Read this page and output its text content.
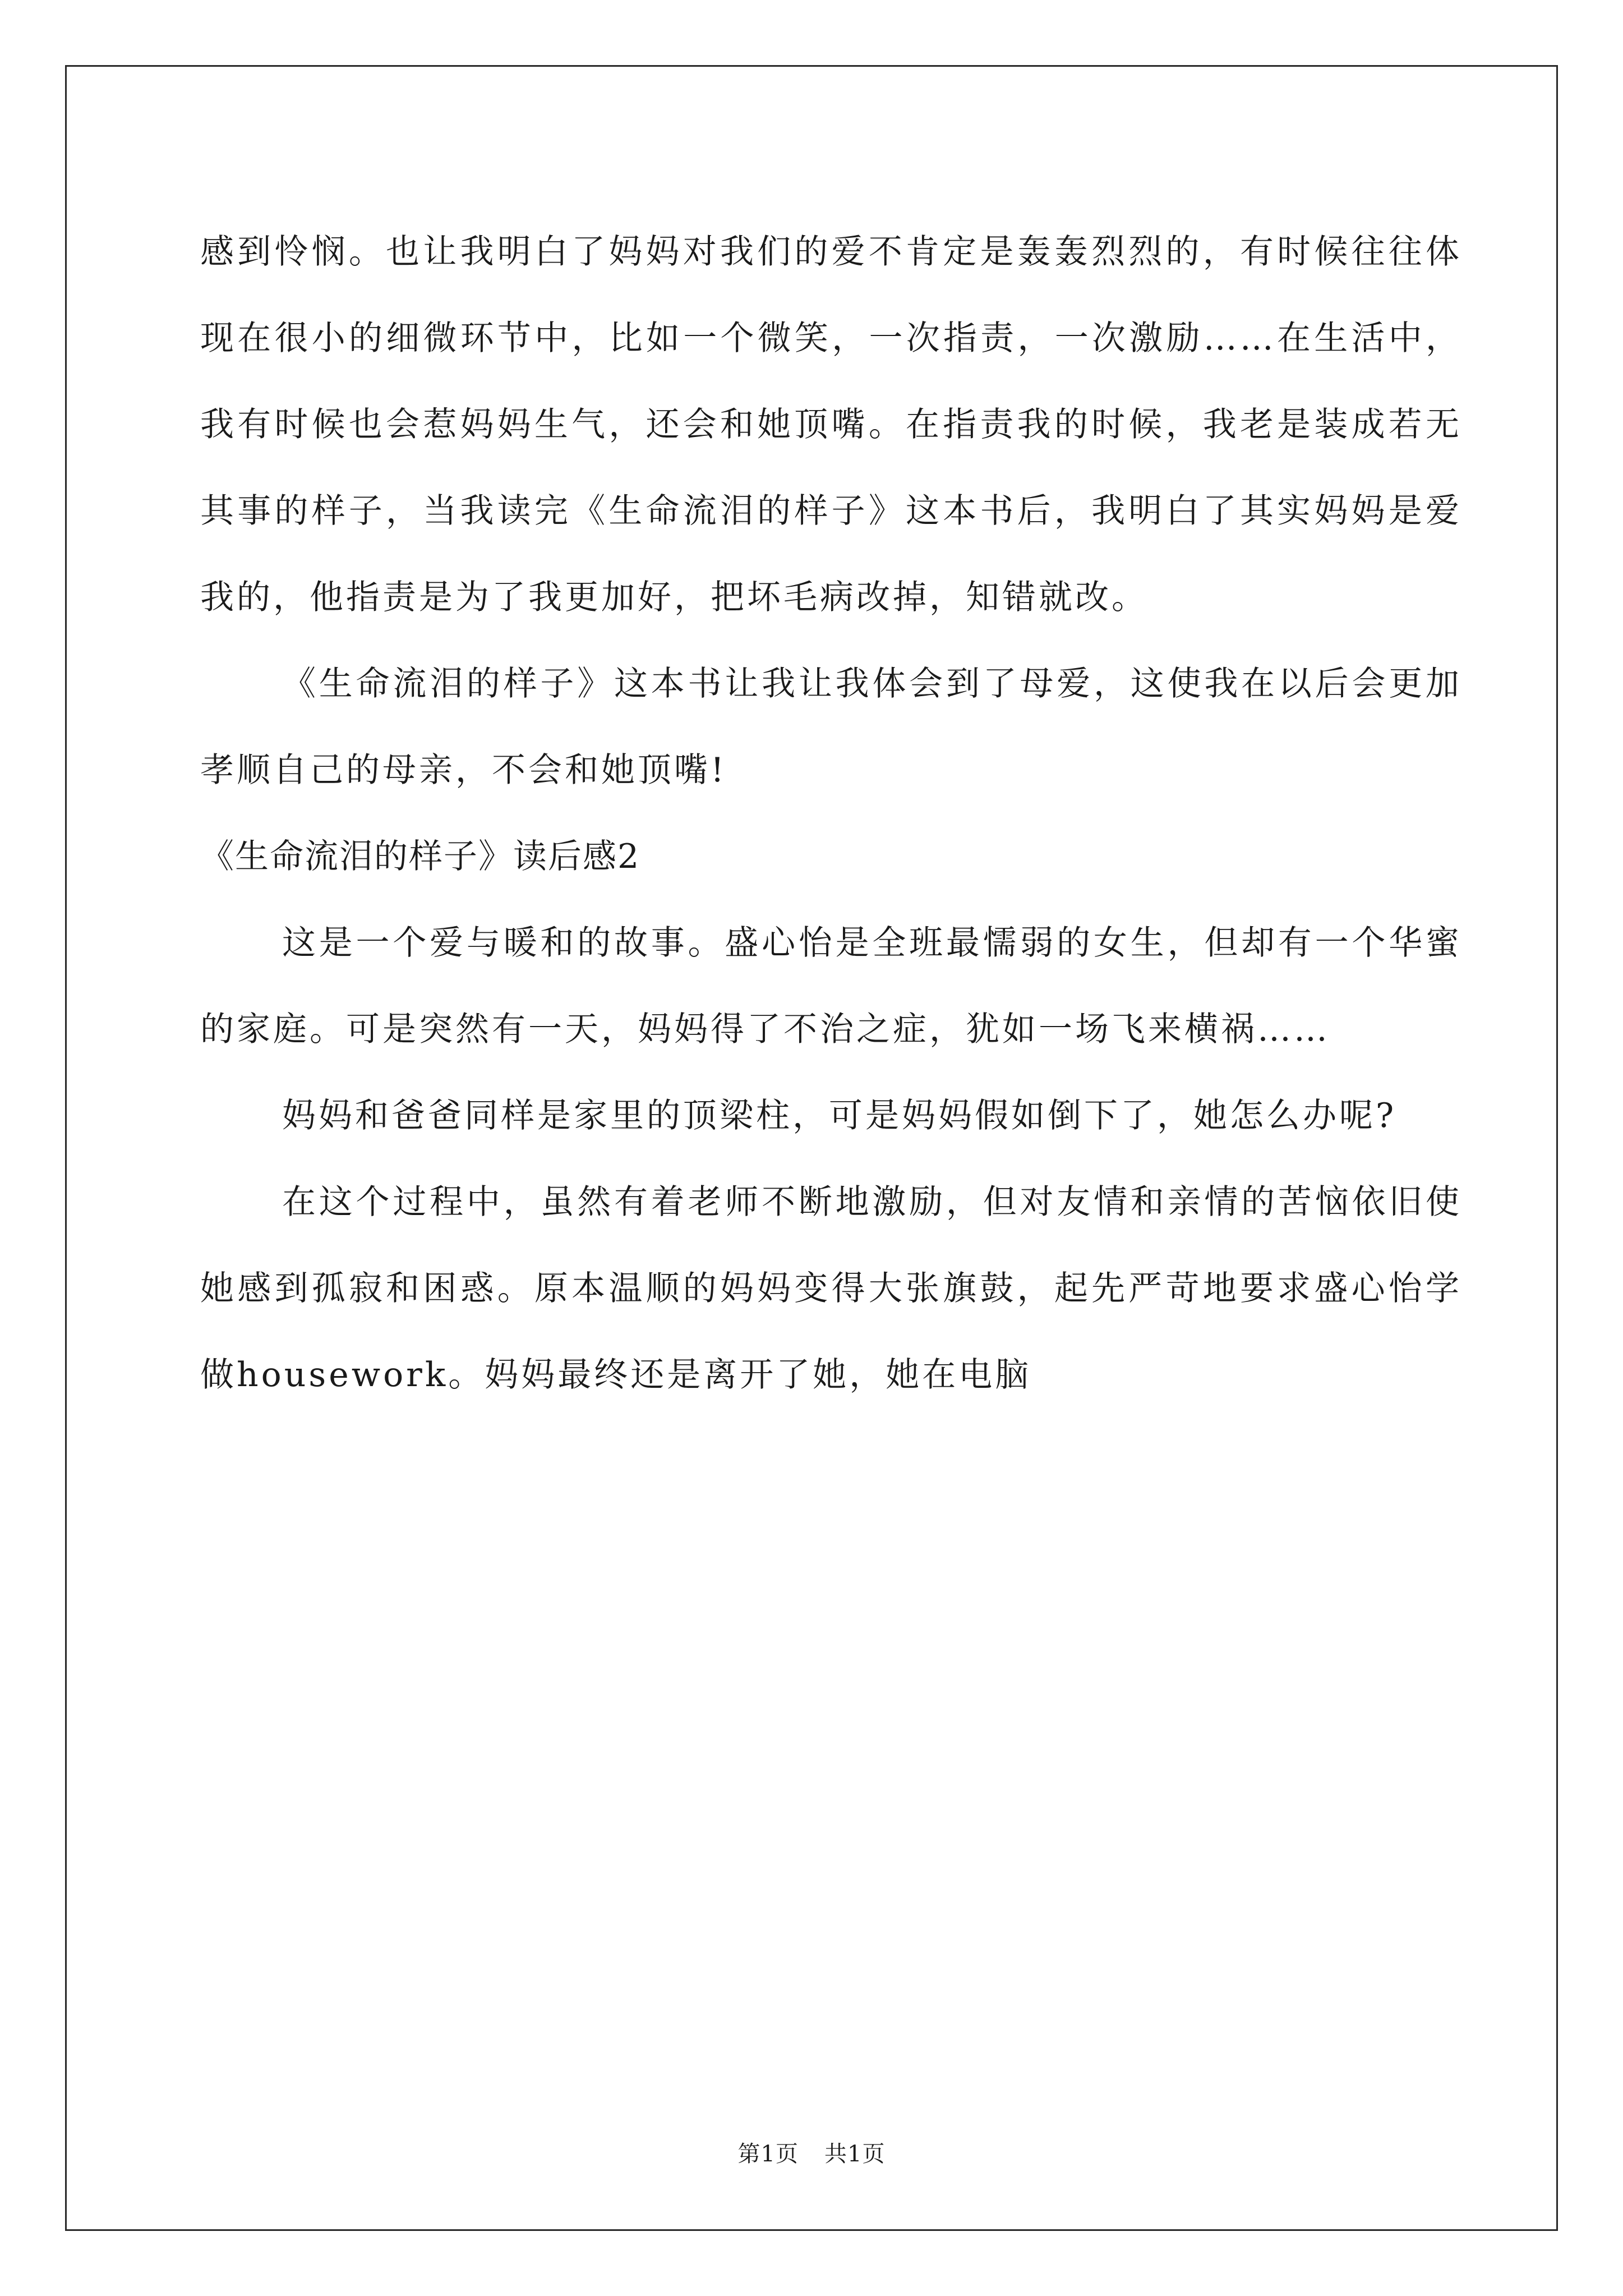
感到怜悯。也让我明白了妈妈对我们的爱不肯定是轰轰烈烈的，有时候往往体现在很小的细微环节中，比如一个微笑，一次指责，一次激励……在生活中，我有时候也会惹妈妈生气，还会和她顶嘴。在指责我的时候，我老是装成若无其事的样子，当我读完《生命流泪的样子》这本书后，我明白了其实妈妈是爱我的，他指责是为了我更加好，把坏毛病改掉，知错就改。

《生命流泪的样子》这本书让我让我体会到了母爱，这使我在以后会更加孝顺自己的母亲，不会和她顶嘴!

《生命流泪的样子》读后感2

这是一个爱与暖和的故事。盛心怡是全班最懦弱的女生，但却有一个华蜜的家庭。可是突然有一天，妈妈得了不治之症，犹如一场飞来横祸……

妈妈和爸爸同样是家里的顶梁柱，可是妈妈假如倒下了，她怎么办呢?

在这个过程中，虽然有着老师不断地激励，但对友情和亲情的苦恼依旧使她感到孤寂和困惑。原本温顺的妈妈变得大张旗鼓，起先严苛地要求盛心怡学做housework。妈妈最终还是离开了她，她在电脑

第1页 共1页
